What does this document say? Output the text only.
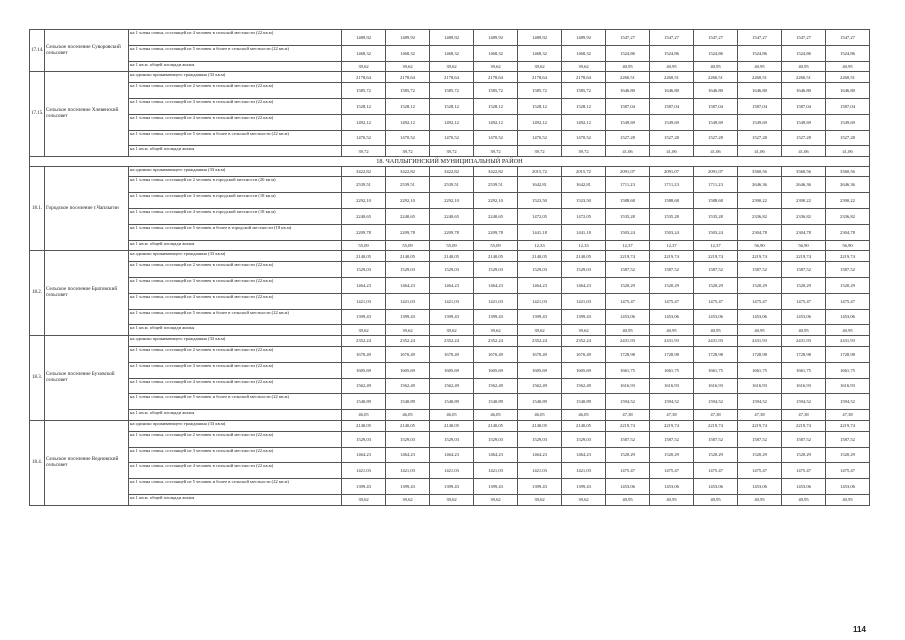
17.14.	Сельское поселение Суворовский сельсовет	на 1 члена семьи, состоящей из 4 человек в сельской местности (22 кв.м)	1489,92	1489,92	1489,92	1489,92	1489,92	1489,92	1547,27	1547,27	1547,27	1547,27	1547,27	1547,27
		на 1 члена семьи, состоящей из 5 человек и более в сельской местности (22 кв.м)	1468,32	1468,32	1468,32	1468,32	1468,32	1468,32	1524,86	1524,86	1524,86	1524,86	1524,86	1524,86
		на 1 кв.м. общей площади жилья	39,62	39,62	39,62	39,62	39,62	39,62	40,95	40,95	40,95	40,95	40,95	40,95
17.15.	Сельское поселение Хлевенский сельсовет	на одиноко проживающего гражданина (33 кв.м)	2178,64	2178,64	2178,64	2178,64	2178,64	2178,64	2260,51	2260,51	2260,51	2260,51	2260,51	2260,51
		на 1 члена семьи, состоящей из 2 человек в сельской местности (22 кв.м)	1585,72	1585,72	1585,72	1585,72	1585,72	1585,72	1646,80	1646,80	1646,80	1646,80	1646,80	1646,80
		на 1 члена семьи, состоящей из 3 человек в сельской местности (22 кв.м)	1528,12	1528,12	1528,12	1528,12	1528,12	1528,12	1587,04	1587,04	1587,04	1587,04	1587,04	1587,04
		на 1 члена семьи, состоящей из 4 человек в сельской местности (22 кв.м)	1492,12	1492,12	1492,12	1492,12	1492,12	1492,12	1549,69	1549,69	1549,69	1549,69	1549,69	1549,69
		на 1 члена семьи, состоящей из 5 человек и более в сельской местности (22 кв.м)	1470,52	1470,52	1470,52	1470,52	1470,52	1470,52	1527,28	1527,28	1527,28	1527,28	1527,28	1527,28
		на 1 кв.м. общей площади жилья	39,72	39,72	39,72	39,72	39,72	39,72	41,06	41,06	41,06	41,06	41,06	41,06
18. ЧАПЛЫГИНСКИЙ МУНИЦИПАЛЬНЫЙ РАЙОН														
18.1.	Городское поселение г.Чаплыгин	на одиноко проживающего гражданина (33 кв.м)	3422,82	3422,82	3422,82	3422,82	2015,72	2015,72	2091,07	2091,07	2091,07	3560,56	3560,56	3560,56
		на 1 члена семьи, состоящей из 2 человек в городской местности (20 кв.м)	2539,51	2539,51	2539,51	2539,51	1642,81	1642,81	1711,23	1711,23	1711,23	2646,36	2646,36	2646,36
		на 1 члена семьи, состоящей из 3 человек в городской местности (18 кв.м)	2292,10	2292,10	2292,10	2292,10	1523,50	1523,50	1588,68	1588,68	1588,68	2390,22	2390,22	2390,22
		на 1 члена семьи, состоящей из 4 человек в городской местности (18 кв.м)	2240,65	2240,65	2240,65	2240,65	1472,05	1472,05	1535,28	1535,28	1535,28	2336,82	2336,82	2336,82
		на 1 члена семьи, состоящей из 5 человек и более в городской местности (18 кв.м)	2209,78	2209,78	2209,78	2209,78	1441,18	1441,18	1503,24	1503,24	1503,24	2304,78	2304,78	2304,78
		на 1 кв.м. общей площади жилья	55,09	55,09	55,09	55,09	12,33	12,33	12,37	12,37	12,37	56,90	56,90	56,90
18.2.	Сельское поселение Братовский сельсовет	на одиноко проживающего гражданина (33 кв.м)	2140,05	2140,05	2140,05	2140,05	2140,05	2140,05	2219,74	2219,74	2219,74	2219,74	2219,74	2219,74
		на 1 члена семьи, состоящей из 2 человек в сельской местности (22 кв.м)	1529,03	1529,03	1529,03	1529,03	1529,03	1529,03	1587,52	1587,52	1587,52	1587,52	1587,52	1587,52
		на 1 члена семьи, состоящей из 3 человек в сельской местности (22 кв.м)	1464,23	1464,23	1464,23	1464,23	1464,23	1464,23	1520,29	1520,29	1520,29	1520,29	1520,29	1520,29
		на 1 члена семьи, состоящей из 4 человек в сельской местности (22 кв.м)	1421,03	1421,03	1421,03	1421,03	1421,03	1421,03	1475,47	1475,47	1475,47	1475,47	1475,47	1475,47
		на 1 члена семьи, состоящей из 5 человек и более в сельской местности (22 кв.м)	1399,43	1399,43	1399,43	1399,43	1399,43	1399,43	1453,06	1453,06	1453,06	1453,06	1453,06	1453,06
		на 1 кв.м. общей площади жилья	39,62	39,62	39,62	39,62	39,62	39,62	40,95	40,95	40,95	40,95	40,95	40,95
18.3.	Сельское поселение Буховской сельсовет	на одиноко проживающего гражданина (33 кв.м)	2352,24	2352,24	2352,24	2352,24	2352,24	2352,24	2431,93	2431,93	2431,93	2431,93	2431,93	2431,93
		на 1 члена семьи, состоящей из 2 человек в сельской местности (22 кв.м)	1670,49	1670,49	1670,49	1670,49	1670,49	1670,49	1728,98	1728,98	1728,98	1728,98	1728,98	1728,98
		на 1 члена семьи, состоящей из 3 человек в сельской местности (22 кв.м)	1605,69	1605,69	1605,69	1605,69	1605,69	1605,69	1661,75	1661,75	1661,75	1661,75	1661,75	1661,75
		на 1 члена семьи, состоящей из 4 человек в сельской местности (22 кв.м)	1562,49	1562,49	1562,49	1562,49	1562,49	1562,49	1616,93	1616,93	1616,93	1616,93	1616,93	1616,93
		на 1 члена семьи, состоящей из 5 человек и более в сельской местности (22 кв.м)	1540,89	1540,89	1540,89	1540,89	1540,89	1540,89	1594,52	1594,52	1594,52	1594,52	1594,52	1594,52
		на 1 кв.м. общей площади жилья	46,05	46,05	46,05	46,05	46,05	46,05	47,38	47,38	47,38	47,38	47,38	47,38
18.4.	Сельское поселение Ведновский сельсовет	на одиноко проживающего гражданина (33 кв.м)	2140,05	2140,05	2140,05	2140,05	2140,05	2140,05	2219,74	2219,74	2219,74	2219,74	2219,74	2219,74
		на 1 члена семьи, состоящей из 2 человек в сельской местности (22 кв.м)	1529,03	1529,03	1529,03	1529,03	1529,03	1529,03	1587,52	1587,52	1587,52	1587,52	1587,52	1587,52
		на 1 члена семьи, состоящей из 3 человек в сельской местности (22 кв.м)	1464,23	1464,23	1464,23	1464,23	1464,23	1464,23	1520,29	1520,29	1520,29	1520,29	1520,29	1520,29
		на 1 члена семьи, состоящей из 4 человек в сельской местности (22 кв.м)	1421,03	1421,03	1421,03	1421,03	1421,03	1421,03	1475,47	1475,47	1475,47	1475,47	1475,47	1475,47
		на 1 члена семьи, состоящей из 5 человек и более в сельской местности (22 кв.м)	1399,43	1399,43	1399,43	1399,43	1399,43	1399,43	1453,06	1453,06	1453,06	1453,06	1453,06	1453,06
		на 1 кв.м. общей площади жилья	39,62	39,62	39,62	39,62	39,62	39,62	40,95	40,95	40,95	40,95	40,95	40,95
114
